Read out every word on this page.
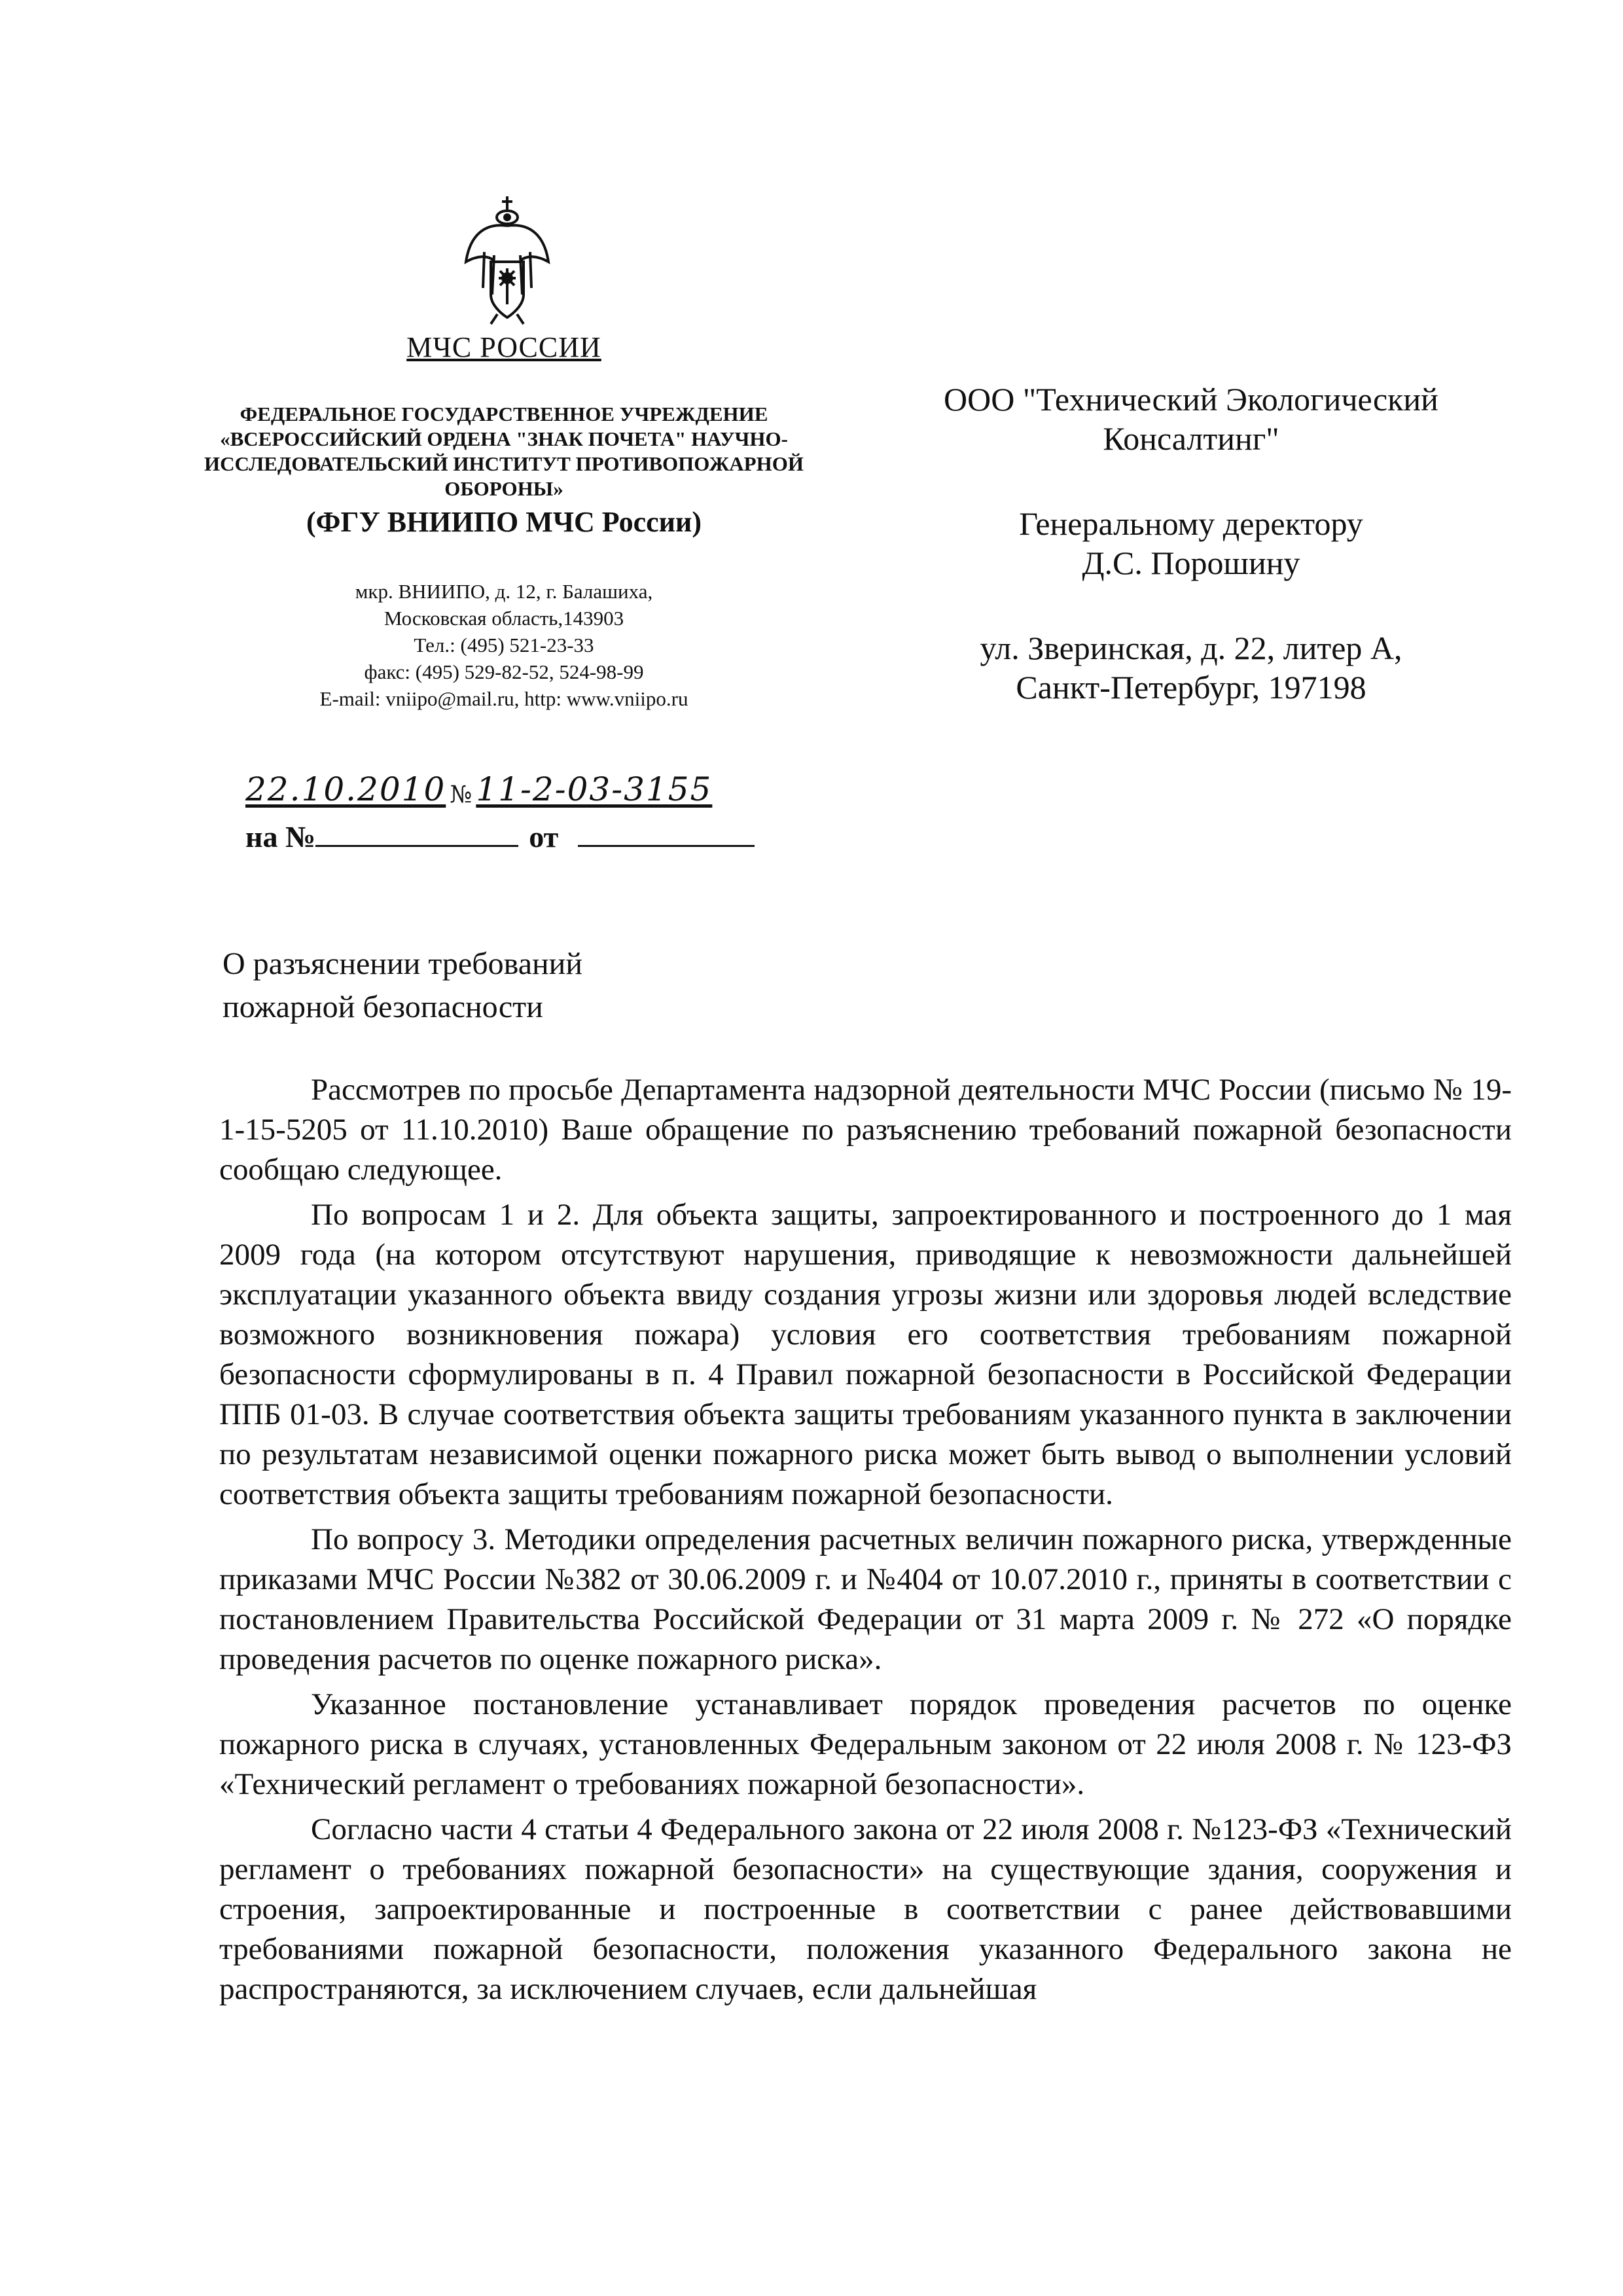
МЧС РОССИИ
ФЕДЕРАЛЬНОЕ ГОСУДАРСТВЕННОЕ УЧРЕЖДЕНИЕ «ВСЕРОССИЙСКИЙ ОРДЕНА "ЗНАК ПОЧЕТА" НАУЧНО-ИССЛЕДОВАТЕЛЬСКИЙ ИНСТИТУТ ПРОТИВОПОЖАРНОЙ ОБОРОНЫ»
(ФГУ ВНИИПО МЧС России)
мкр. ВНИИПО, д. 12, г. Балашиха,
Московская область,143903
Тел.: (495) 521-23-33
факс: (495) 529-82-52, 524-98-99
E-mail: vniipo@mail.ru, http: www.vniipo.ru
22.10.2010 № 11-2-03-3155
на №	от
ООО "Технический Экологический
Консалтинг"
Генеральному деректору
Д.С. Порошину
ул. Зверинская, д. 22, литер А,
Санкт-Петербург, 197198
О разъяснении требований
пожарной безопасности

Рассмотрев по просьбе Департамента надзорной деятельности МЧС России (письмо № 19-1-15-5205 от 11.10.2010) Ваше обращение по разъяснению требований пожарной безопасности сообщаю следующее.

По вопросам 1 и 2. Для объекта защиты, запроектированного и построенного до 1 мая 2009 года (на котором отсутствуют нарушения, приводящие к невозможности дальнейшей эксплуатации указанного объекта ввиду создания угрозы жизни или здоровья людей вследствие возможного возникновения пожара) условия его соответствия требованиям пожарной безопасности сформулированы в п. 4 Правил пожарной безопасности в Российской Федерации ППБ 01-03. В случае соответствия объекта защиты требованиям указанного пункта в заключении по результатам независимой оценки пожарного риска может быть вывод о выполнении условий соответствия объекта защиты требованиям пожарной безопасности.

По вопросу 3. Методики определения расчетных величин пожарного риска, утвержденные приказами МЧС России №382 от 30.06.2009 г. и №404 от 10.07.2010 г., приняты в соответствии с постановлением Правительства Российской Федерации от 31 марта 2009 г. № 272 «О порядке проведения расчетов по оценке пожарного риска».

Указанное постановление устанавливает порядок проведения расчетов по оценке пожарного риска в случаях, установленных Федеральным законом от 22 июля 2008 г. № 123-ФЗ «Технический регламент о требованиях пожарной безопасности».

Согласно части 4 статьи 4 Федерального закона от 22 июля 2008 г. №123-ФЗ «Технический регламент о требованиях пожарной безопасности» на существующие здания, сооружения и строения, запроектированные и построенные в соответствии с ранее действовавшими требованиями пожарной безопасности, положения указанного Федерального закона не распространяются, за исключением случаев, если дальнейшая
